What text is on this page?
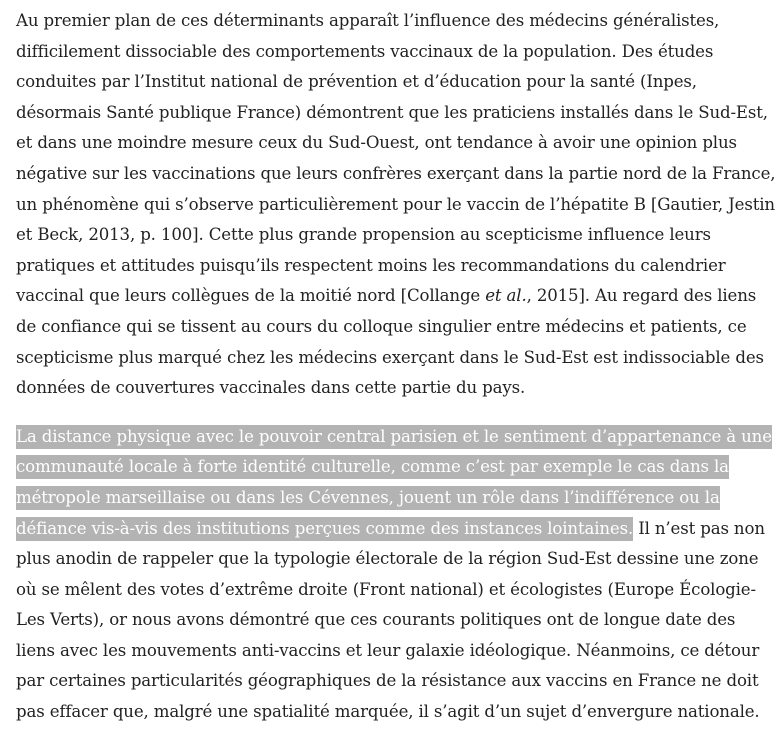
Au premier plan de ces déterminants apparaît l’influence des médecins généralistes, difficilement dissociable des comportements vaccinaux de la population. Des études conduites par l’Institut national de prévention et d’éducation pour la santé (Inpes, désormais Santé publique France) démontrent que les praticiens installés dans le Sud-Est, et dans une moindre mesure ceux du Sud-Ouest, ont tendance à avoir une opinion plus négative sur les vaccinations que leurs confrères exerçant dans la partie nord de la France, un phénomène qui s’observe particulièrement pour le vaccin de l’hépatite B [Gautier, Jestin et Beck, 2013, p. 100]. Cette plus grande propension au scepticisme influence leurs pratiques et attitudes puisqu’ils respectent moins les recommandations du calendrier vaccinal que leurs collègues de la moitié nord [Collange et al., 2015]. Au regard des liens de confiance qui se tissent au cours du colloque singulier entre médecins et patients, ce scepticisme plus marqué chez les médecins exerçant dans le Sud-Est est indissociable des données de couvertures vaccinales dans cette partie du pays.

La distance physique avec le pouvoir central parisien et le sentiment d’appartenance à une communauté locale à forte identité culturelle, comme c’est par exemple le cas dans la métropole marseillaise ou dans les Cévennes, jouent un rôle dans l’indifférence ou la défiance vis-à-vis des institutions perçues comme des instances lointaines. Il n’est pas non plus anodin de rappeler que la typologie électorale de la région Sud-Est dessine une zone où se mêlent des votes d’extrême droite (Front national) et écologistes (Europe Écologie-Les Verts), or nous avons démontré que ces courants politiques ont de longue date des liens avec les mouvements anti-vaccins et leur galaxie idéologique. Néanmoins, ce détour par certaines particularités géographiques de la résistance aux vaccins en France ne doit pas effacer que, malgré une spatialité marquée, il s’agit d’un sujet d’envergure nationale.
